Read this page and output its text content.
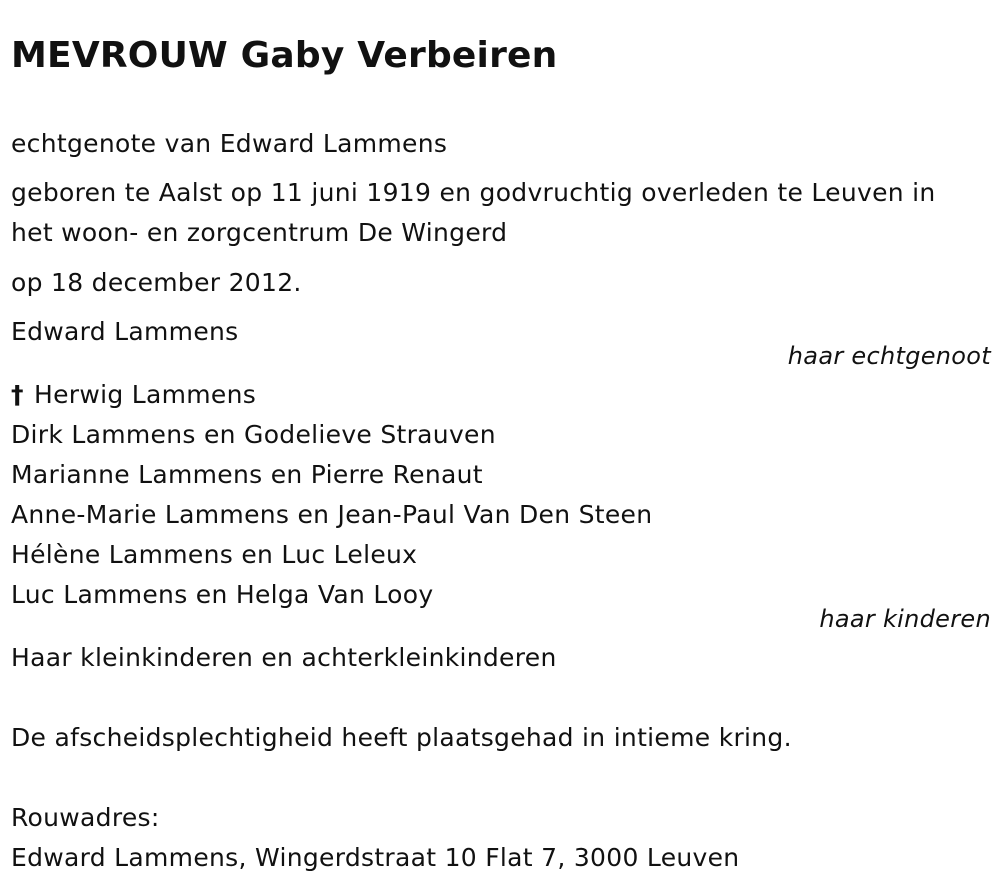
MEVROUW Gaby Verbeiren

echtgenote van Edward Lammens

geboren te Aalst op 11 juni 1919 en godvruchtig overleden te Leuven in

het woon- en zorgcentrum De Wingerd

op 18 december 2012.

Edward Lammens

haar echtgenoot

† Herwig Lammens

Dirk Lammens en Godelieve Strauven

Marianne Lammens en Pierre Renaut

Anne-Marie Lammens en Jean-Paul Van Den Steen

Hélène Lammens en Luc Leleux

Luc Lammens en Helga Van Looy

haar kinderen

Haar kleinkinderen en achterkleinkinderen

De afscheidsplechtigheid heeft plaatsgehad in intieme kring.

Rouwadres:

Edward Lammens, Wingerdstraat 10 Flat 7, 3000 Leuven
